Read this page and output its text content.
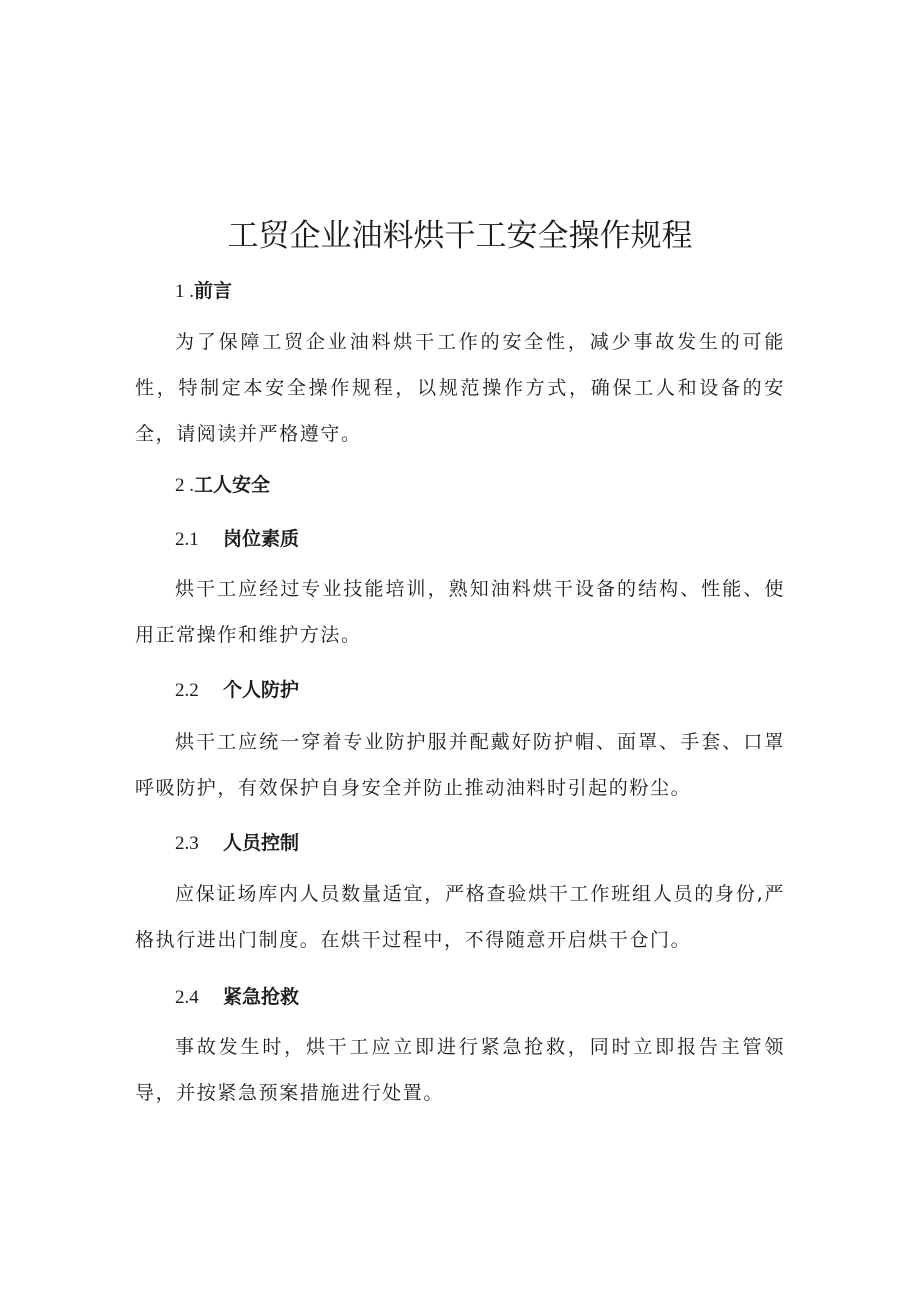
工贸企业油料烘干工安全操作规程
1 .前言

为了保障工贸企业油料烘干工作的安全性，减少事故发生的可能性，特制定本安全操作规程，以规范操作方式，确保工人和设备的安全，请阅读并严格遵守。

2 .工人安全
2.1 岗位素质

烘干工应经过专业技能培训，熟知油料烘干设备的结构、性能、使用正常操作和维护方法。

2.2 个人防护

烘干工应统一穿着专业防护服并配戴好防护帽、面罩、手套、口罩呼吸防护，有效保护自身安全并防止推动油料时引起的粉尘。

2.3 人员控制

应保证场库内人员数量适宜，严格查验烘干工作班组人员的身份,严格执行进出门制度。在烘干过程中，不得随意开启烘干仓门。

2.4 紧急抢救

事故发生时，烘干工应立即进行紧急抢救，同时立即报告主管领导，并按紧急预案措施进行处置。
